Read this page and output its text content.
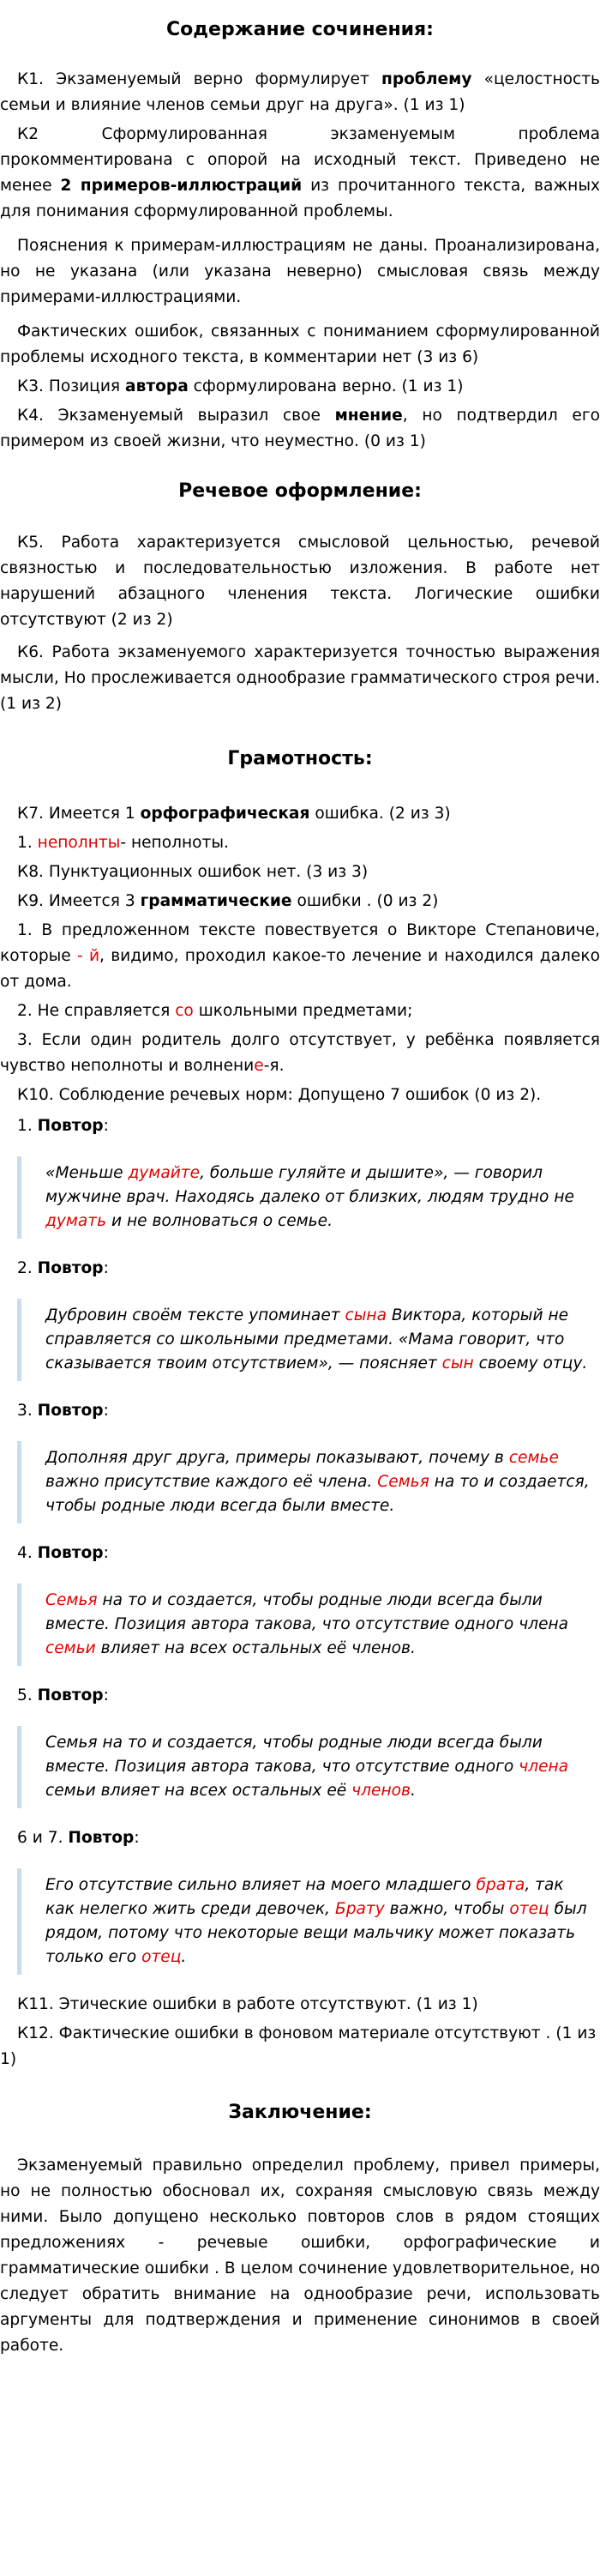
Содержание сочинения:

К1. Экзаменуемый верно формулирует проблему «целостность семьи и влияние членов семьи друг на друга». (1 из 1)

К2 Сформулированная экзаменуемым проблема прокомментирована с опорой на исходный текст. Приведено не менее 2 примеров-иллюстраций из прочитанного текста, важных для понимания сформулированной проблемы.

Пояснения к примерам-иллюстрациям не даны. Проанализирована, но не указана (или указана неверно) смысловая связь между примерами-иллюстрациями.

Фактических ошибок, связанных с пониманием сформулированной проблемы исходного текста, в комментарии нет (3 из 6)

К3. Позиция автора сформулирована верно. (1 из 1)

К4. Экзаменуемый выразил свое мнение, но подтвердил его примером из своей жизни, что неуместно. (0 из 1)

Речевое оформление:

К5. Работа характеризуется смысловой цельностью, речевой связностью и последовательностью изложения. В работе нет нарушений абзацного членения текста. Логические ошибки отсутствуют (2 из 2)

К6. Работа экзаменуемого характеризуется точностью выражения мысли, Но прослеживается однообразие грамматического строя речи. (1 из 2)

Грамотность:

К7. Имеется 1 орфографическая ошибка. (2 из 3)

1. неполнты- неполноты.

К8. Пунктуационных ошибок нет. (3 из 3)

К9. Имеется 3 грамматические ошибки . (0 из 2)

1. В предложенном тексте повествуется о Викторе Степановиче, которые - й, видимо, проходил какое-то лечение и находился далеко от дома.

2. Не справляется со школьными предметами;

3. Если один родитель долго отсутствует, у ребёнка появляется чувство неполноты и волнение-я.

К10. Соблюдение речевых норм: Допущено 7 ошибок (0 из 2).

1. Повтор:

«Меньше думайте, больше гуляйте и дышите», — говорил мужчине врач. Находясь далеко от близких, людям трудно не думать и не волноваться о семье.

2. Повтор:

Дубровин своём тексте упоминает сына Виктора, который не справляется со школьными предметами. «Мама говорит, что сказывается твоим отсутствием», — поясняет сын своему отцу.

3. Повтор:

Дополняя друг друга, примеры показывают, почему в семье важно присутствие каждого её члена. Семья на то и создается, чтобы родные люди всегда были вместе.

4. Повтор:

Семья на то и создается, чтобы родные люди всегда были вместе. Позиция автора такова, что отсутствие одного члена семьи влияет на всех остальных её членов.

5. Повтор:

Семья на то и создается, чтобы родные люди всегда были вместе. Позиция автора такова, что отсутствие одного члена семьи влияет на всех остальных её членов.

6 и 7. Повтор:

Его отсутствие сильно влияет на моего младшего брата, так как нелегко жить среди девочек, Брату важно, чтобы отец был рядом, потому что некоторые вещи мальчику может показать только его отец.

К11. Этические ошибки в работе отсутствуют. (1 из 1)

К12. Фактические ошибки в фоновом материале отсутствуют . (1 из 1)

Заключение:

Экзаменуемый правильно определил проблему, привел примеры, но не полностью обосновал их, сохраняя смысловую связь между ними. Было допущено несколько повторов слов в рядом стоящих предложениях - речевые ошибки, орфографические и грамматические ошибки . В целом сочинение удовлетворительное, но следует обратить внимание на однообразие речи, использовать аргументы для подтверждения и применение синонимов в своей работе.
